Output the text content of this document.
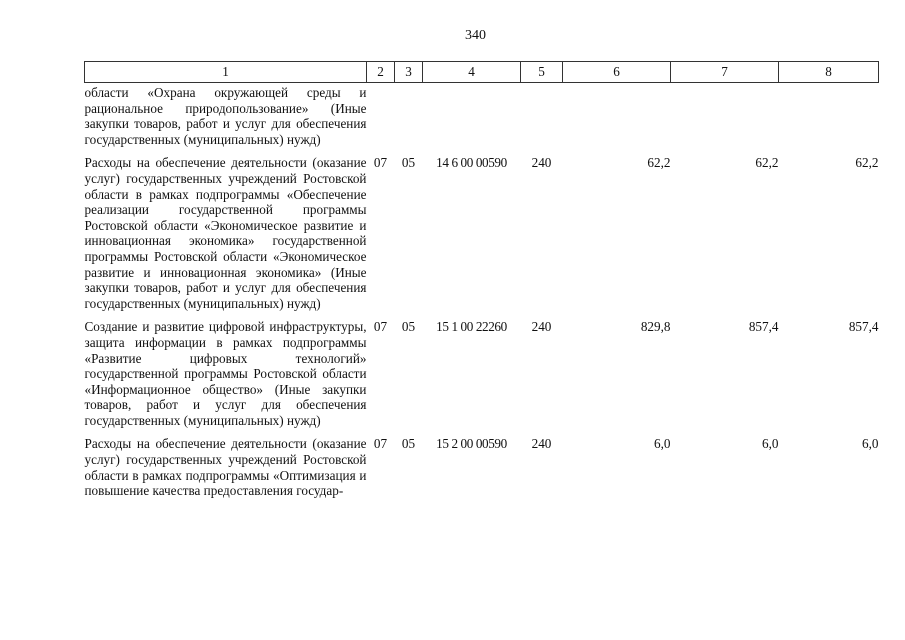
340
1	2	3	4	5	6	7	8
области «Охрана окружающей среды и рациональное природопользование» (Иные закупки товаров, работ и услуг для обеспечения государственных (муниципальных) нужд)							
Расходы на обеспечение деятельности (оказание услуг) государственных учреждений Ростовской области в рамках подпрограммы «Обеспечение реализации государственной программы Ростовской области «Экономическое развитие и инновационная экономика» государственной программы Ростовской области «Экономическое развитие и инновационная экономика» (Иные закупки товаров, работ и услуг для обеспечения государственных (муниципальных) нужд)	07	05	14 6 00 00590	240	62,2	62,2	62,2
Создание и развитие цифровой инфраструктуры, защита информации в рамках подпрограммы «Развитие цифровых технологий» государственной программы Ростовской области «Информационное общество» (Иные закупки товаров, работ и услуг для обеспечения государственных (муниципальных) нужд)	07	05	15 1 00 22260	240	829,8	857,4	857,4
Расходы на обеспечение деятельности (оказание услуг) государственных учреждений Ростовской области в рамках подпрограммы «Оптимизация и повышение качества предоставления государ-	07	05	15 2 00 00590	240	6,0	6,0	6,0
